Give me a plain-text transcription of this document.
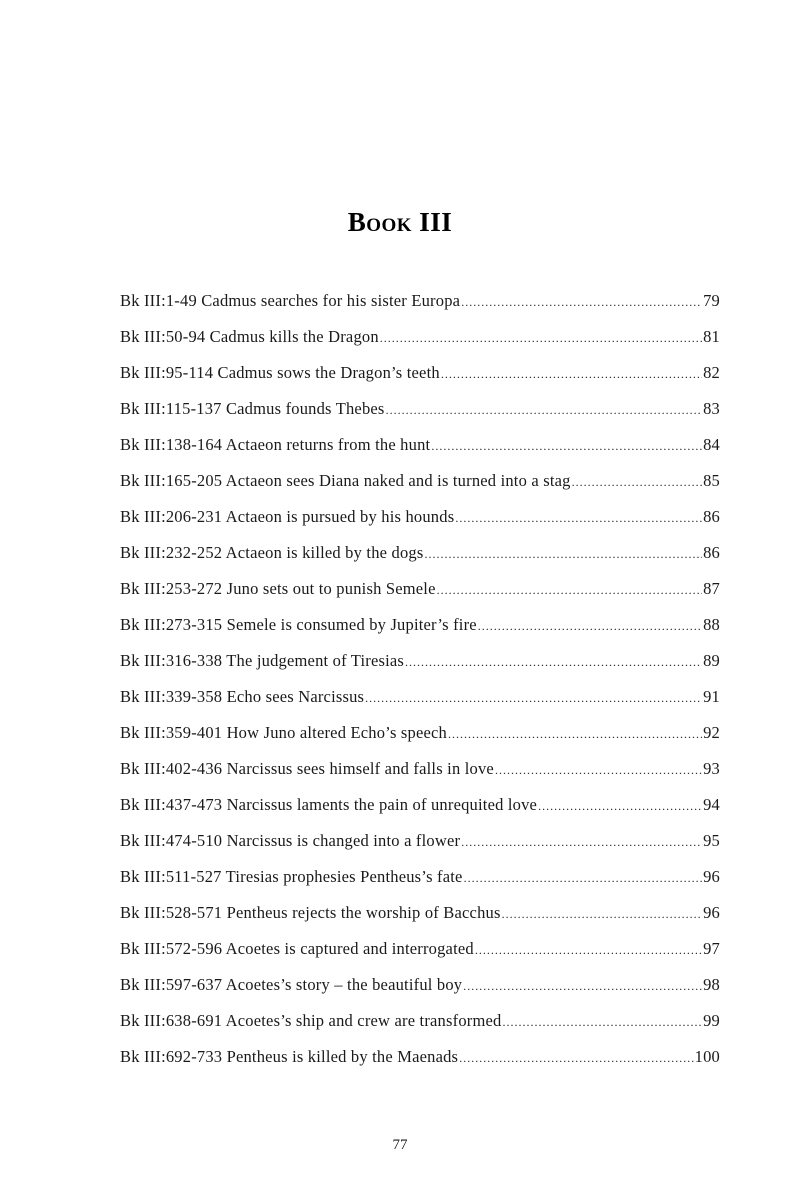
Book III
Bk III:1-49 Cadmus searches for his sister Europa .....	79
Bk III:50-94 Cadmus kills the Dragon .....	81
Bk III:95-114 Cadmus sows the Dragon’s teeth .....	82
Bk III:115-137 Cadmus founds Thebes .....	83
Bk III:138-164 Actaeon returns from the hunt .....	84
Bk III:165-205 Actaeon sees Diana naked and is turned into a stag .....	85
Bk III:206-231 Actaeon is pursued by his hounds .....	86
Bk III:232-252 Actaeon is killed by the dogs .....	86
Bk III:253-272 Juno sets out to punish Semele .....	87
Bk III:273-315 Semele is consumed by Jupiter’s fire .....	88
Bk III:316-338 The judgement of Tiresias .....	89
Bk III:339-358 Echo sees Narcissus .....	91
Bk III:359-401 How Juno altered Echo’s speech .....	92
Bk III:402-436 Narcissus sees himself and falls in love .....	93
Bk III:437-473 Narcissus laments the pain of unrequited love .....	94
Bk III:474-510 Narcissus is changed into a flower .....	95
Bk III:511-527 Tiresias prophesies Pentheus’s fate .....	96
Bk III:528-571 Pentheus rejects the worship of Bacchus .....	96
Bk III:572-596 Acoetes is captured and interrogated .....	97
Bk III:597-637 Acoetes’s story – the beautiful boy .....	98
Bk III:638-691 Acoetes’s ship and crew are transformed .....	99
Bk III:692-733 Pentheus is killed by the Maenads .....	100
77
